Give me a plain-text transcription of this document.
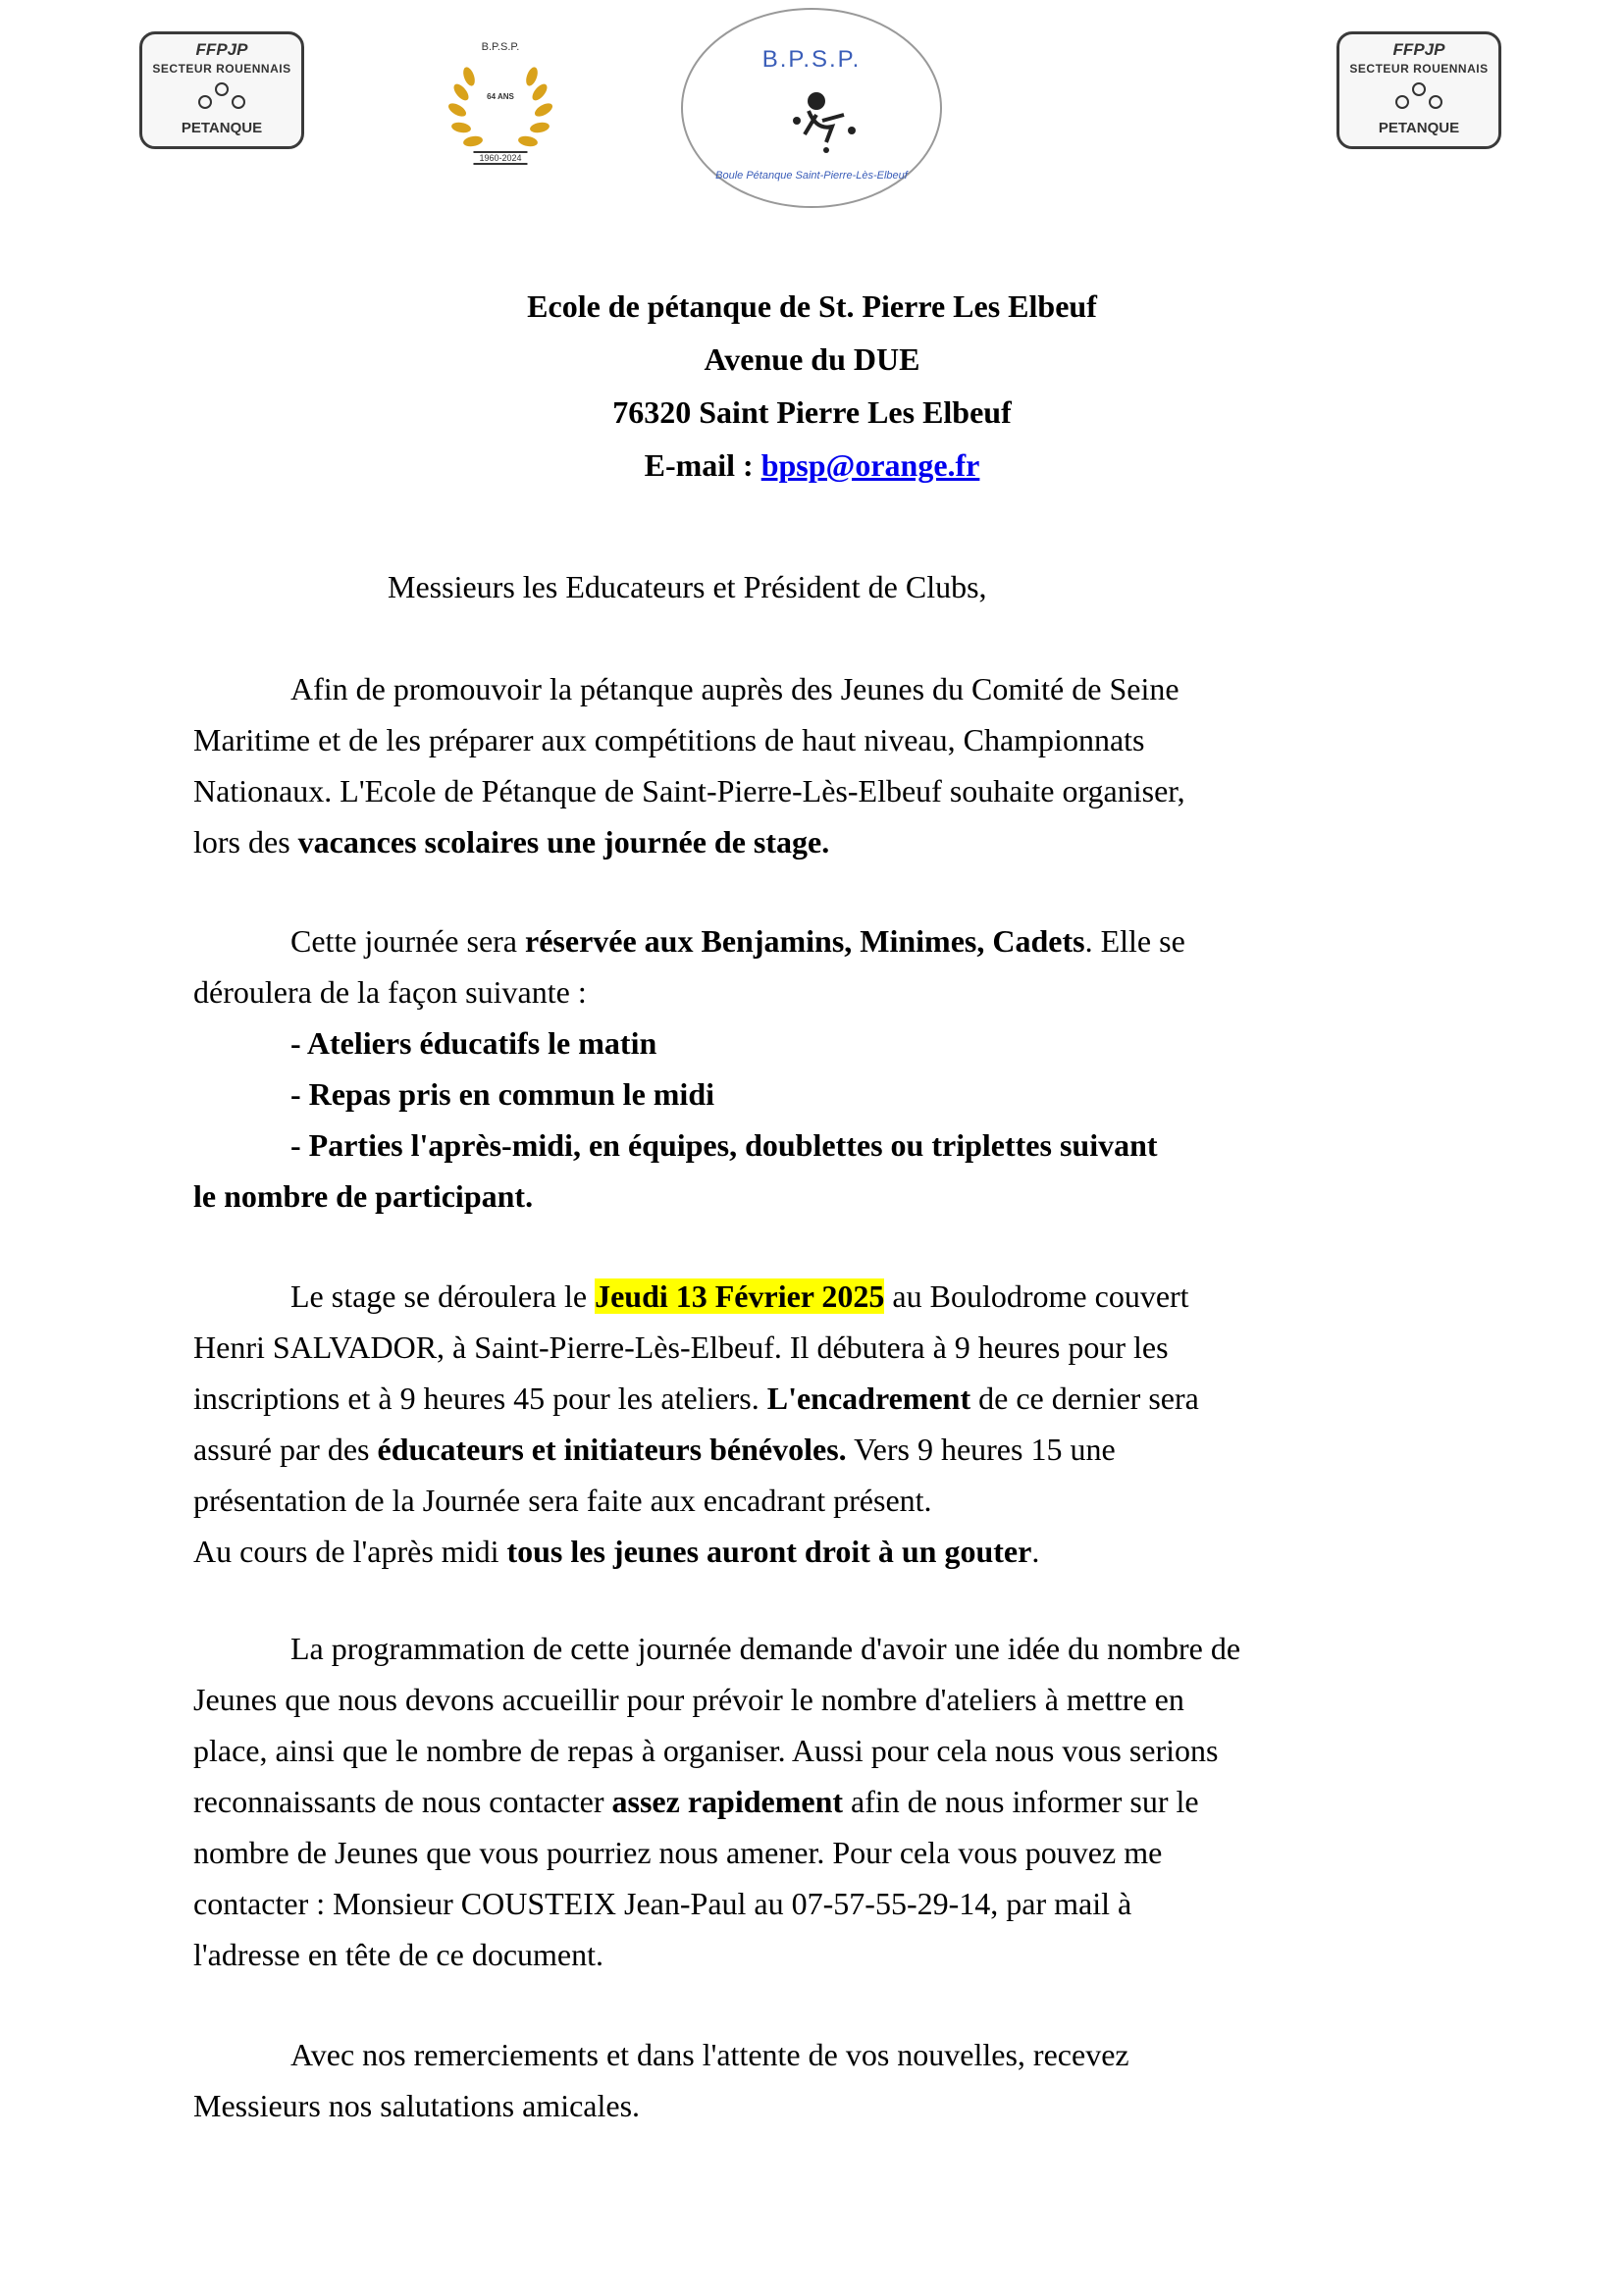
FFPJP
SECTEUR ROUENNAIS
PETANQUE
B.P.S.P.
64 ANS
1960-2024
B.P.S.P.
Boule Pétanque Saint-Pierre-Lès-Elbeuf
FFPJP
SECTEUR ROUENNAIS
PETANQUE
Ecole de pétanque de St. Pierre Les Elbeuf
Avenue du DUE
76320 Saint Pierre Les Elbeuf
E-mail : bpsp@orange.fr
Messieurs les Educateurs et Président de Clubs,
Afin de promouvoir la pétanque auprès des Jeunes du Comité de Seine
Maritime et de les préparer aux compétitions de haut niveau, Championnats
Nationaux. L'Ecole de Pétanque de Saint-Pierre-Lès-Elbeuf souhaite organiser,
lors des vacances scolaires une journée de stage.
Cette journée sera réservée aux Benjamins, Minimes, Cadets. Elle se
déroulera de la façon suivante :
- Ateliers éducatifs le matin
- Repas pris en commun le midi
- Parties l'après-midi, en équipes, doublettes ou triplettes suivant
le nombre de participant.
Le stage se déroulera le Jeudi 13 Février 2025 au Boulodrome couvert
Henri SALVADOR, à Saint-Pierre-Lès-Elbeuf. Il débutera à 9 heures pour les
inscriptions et à 9 heures 45 pour les ateliers. L'encadrement de ce dernier sera
assuré par des éducateurs et initiateurs bénévoles. Vers 9 heures 15 une
présentation de la Journée sera faite aux encadrant présent.
Au cours de l'après midi tous les jeunes auront droit à un gouter.
La programmation de cette journée demande d'avoir une idée du nombre de
Jeunes que nous devons accueillir pour prévoir le nombre d'ateliers à mettre en
place, ainsi que le nombre de repas à organiser. Aussi pour cela nous vous serions
reconnaissants de nous contacter assez rapidement afin de nous informer sur le
nombre de Jeunes que vous pourriez nous amener. Pour cela vous pouvez me
contacter : Monsieur COUSTEIX Jean-Paul au 07-57-55-29-14, par mail à
l'adresse en tête de ce document.
Avec nos remerciements et dans l'attente de vos nouvelles, recevez
Messieurs nos salutations amicales.
